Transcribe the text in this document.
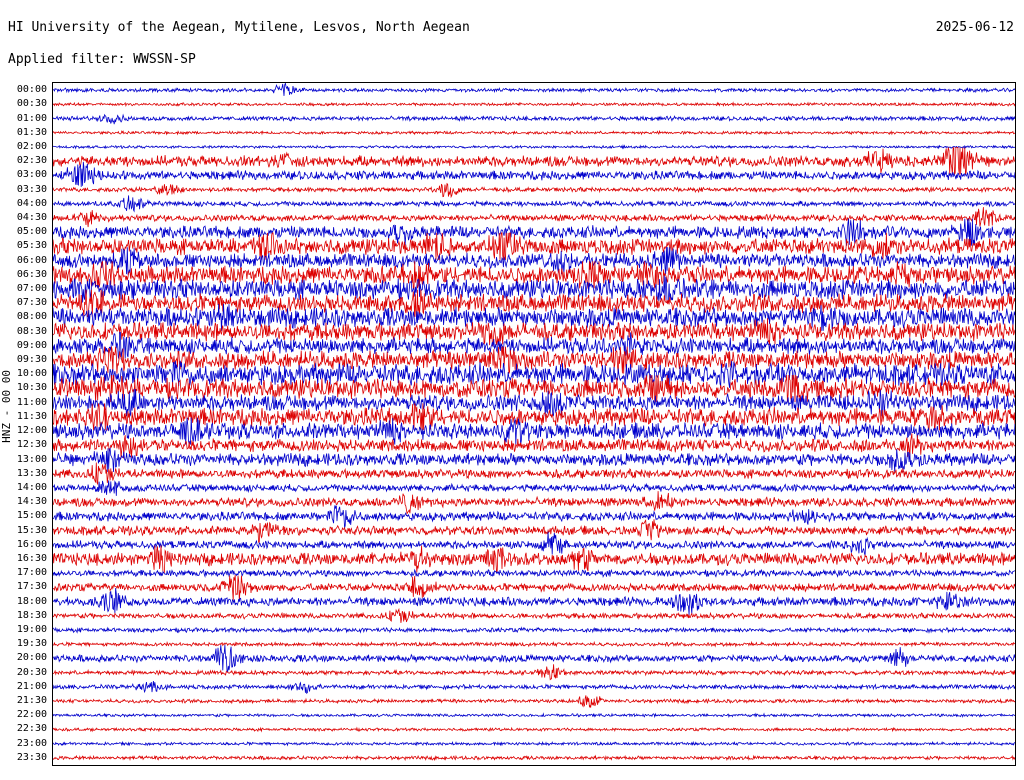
HI University of the Aegean, Mytilene, Lesvos, North Aegean	2025-06-12
Applied filter: WWSSN-SP
HNZ - 00 00
00:00
00:30
01:00
01:30
02:00
02:30
03:00
03:30
04:00
04:30
05:00
05:30
06:00
06:30
07:00
07:30
08:00
08:30
09:00
09:30
10:00
10:30
11:00
11:30
12:00
12:30
13:00
13:30
14:00
14:30
15:00
15:30
16:00
16:30
17:00
17:30
18:00
18:30
19:00
19:30
20:00
20:30
21:00
21:30
22:00
22:30
23:00
23:30
